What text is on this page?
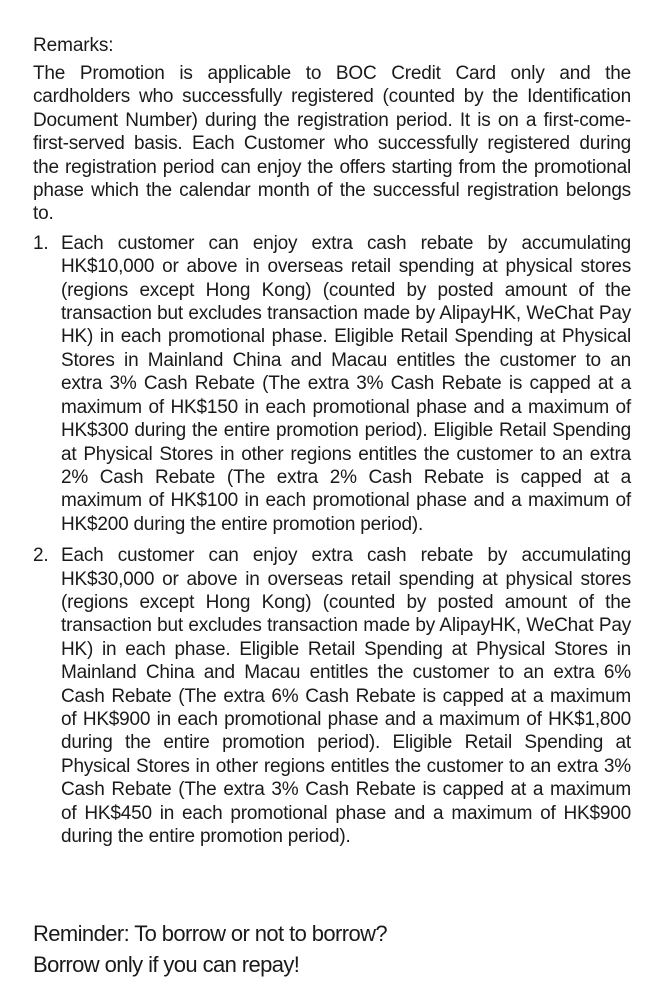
Remarks:

The Promotion is applicable to BOC Credit Card only and the cardholders who successfully registered (counted by the Identification Document Number) during the registration period. It is on a first-come-first-served basis. Each Customer who successfully registered during the registration period can enjoy the offers starting from the promotional phase which the calendar month of the successful registration belongs to.

1. Each customer can enjoy extra cash rebate by accumulating HK$10,000 or above in overseas retail spending at physical stores (regions except Hong Kong) (counted by posted amount of the transaction but excludes transaction made by AlipayHK, WeChat Pay HK) in each promotional phase. Eligible Retail Spending at Physical Stores in Mainland China and Macau entitles the customer to an extra 3% Cash Rebate (The extra 3% Cash Rebate is capped at a maximum of HK$150 in each promotional phase and a maximum of HK$300 during the entire promotion period). Eligible Retail Spending at Physical Stores in other regions entitles the customer to an extra 2% Cash Rebate (The extra 2% Cash Rebate is capped at a maximum of HK$100 in each promotional phase and a maximum of HK$200 during the entire promotion period).
2. Each customer can enjoy extra cash rebate by accumulating HK$30,000 or above in overseas retail spending at physical stores (regions except Hong Kong) (counted by posted amount of the transaction but excludes transaction made by AlipayHK, WeChat Pay HK) in each phase. Eligible Retail Spending at Physical Stores in Mainland China and Macau entitles the customer to an extra 6% Cash Rebate (The extra 6% Cash Rebate is capped at a maximum of HK$900 in each promotional phase and a maximum of HK$1,800 during the entire promotion period). Eligible Retail Spending at Physical Stores in other regions entitles the customer to an extra 3% Cash Rebate (The extra 3% Cash Rebate is capped at a maximum of HK$450 in each promotional phase and a maximum of HK$900 during the entire promotion period).
Reminder: To borrow or not to borrow?
Borrow only if you can repay!
